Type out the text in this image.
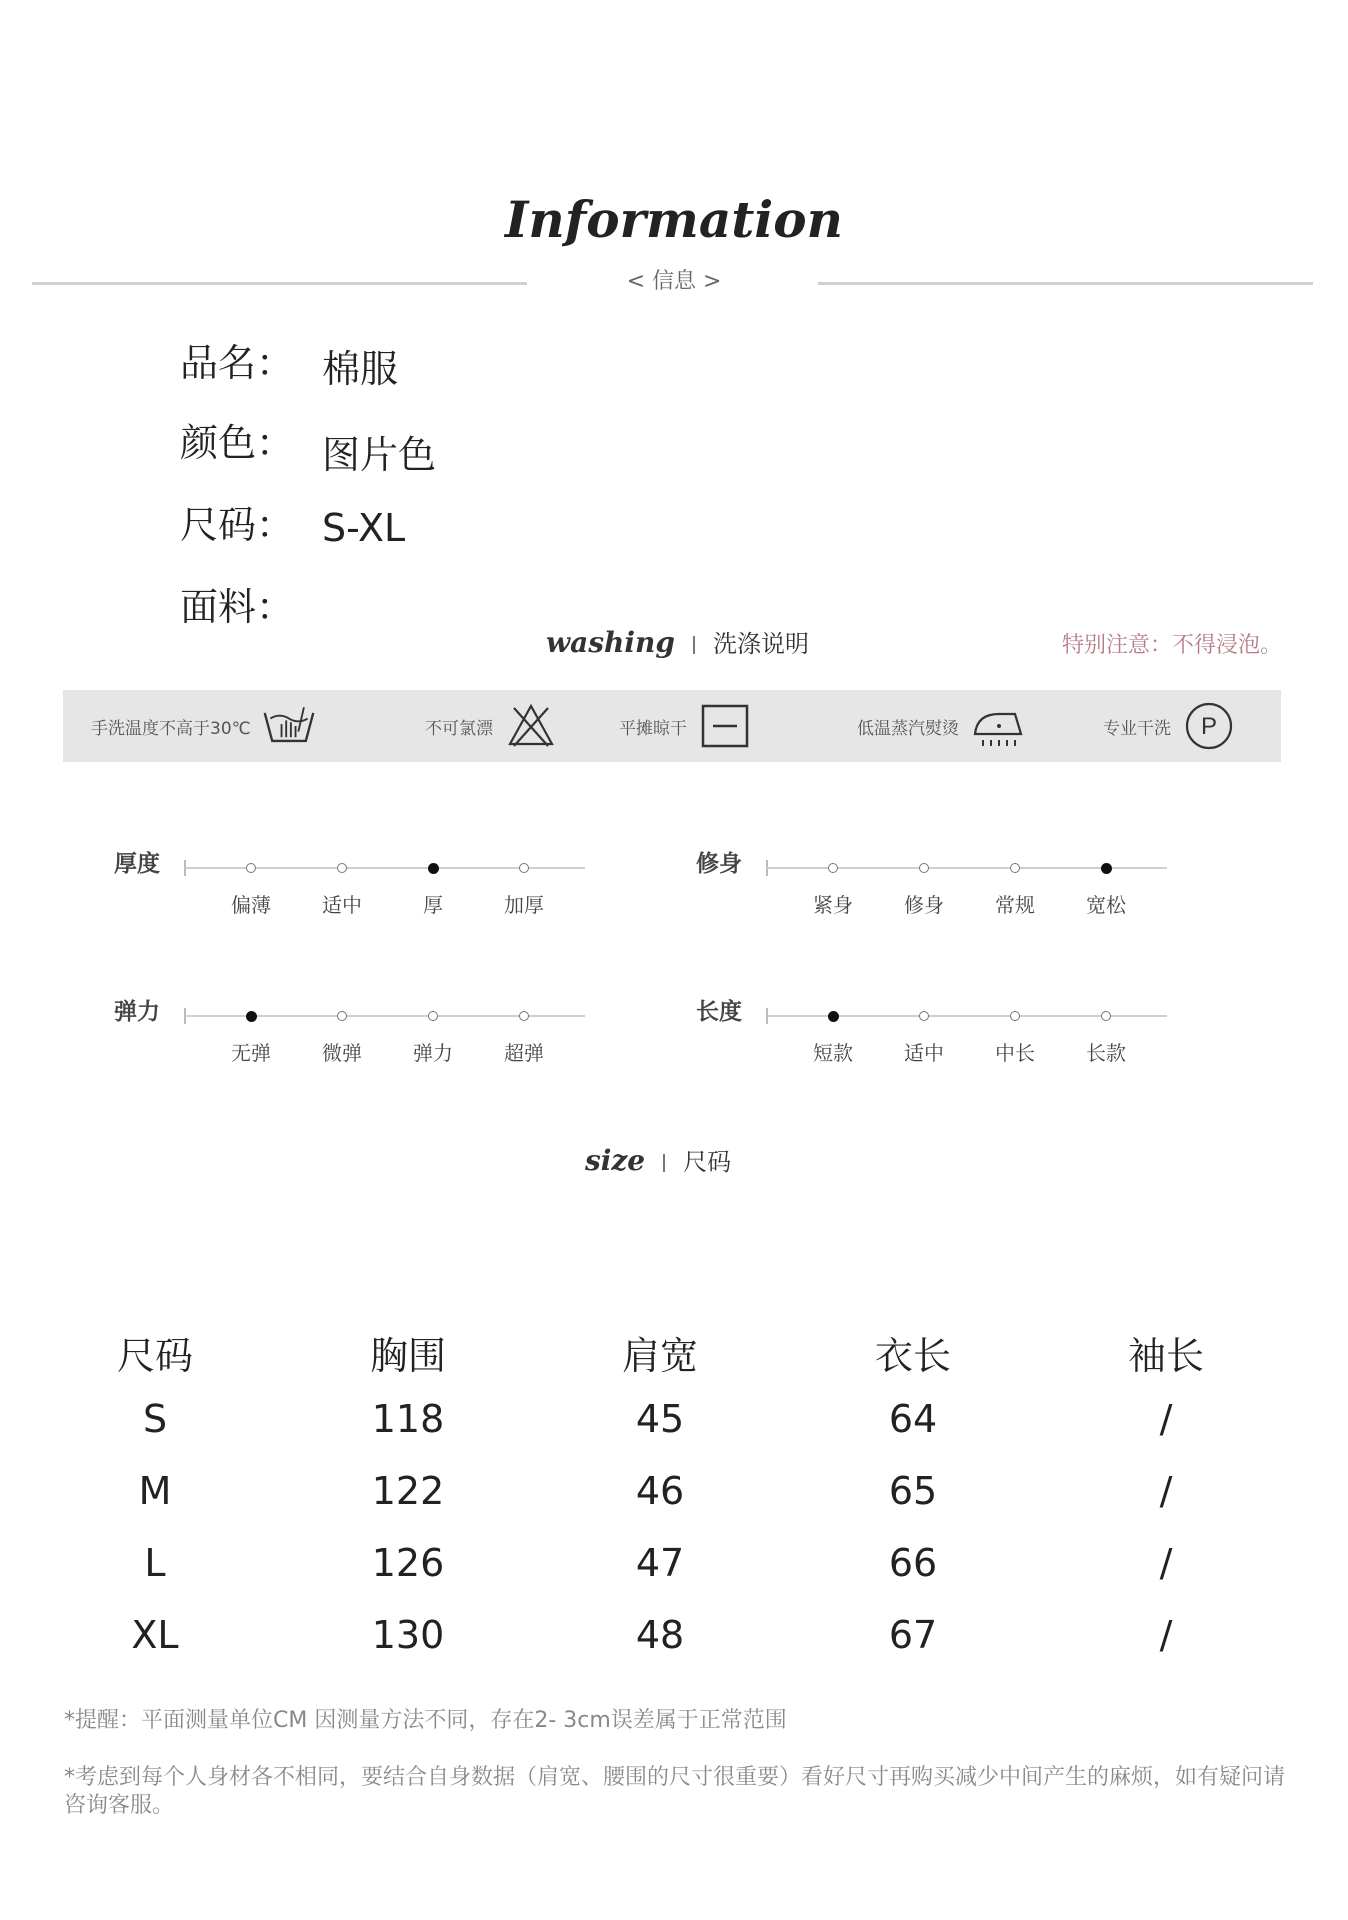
Information
< 信息 >
品名： 棉服
颜色： 图片色
尺码： S-XL
面料：
washing 洗涤说明	特别注意：不得浸泡。
手洗温度不高于30℃	不可氯漂	平摊晾干	低温蒸汽熨烫	专业干洗 P
厚度
偏薄	适中	厚	加厚
修身
紧身	修身	常规	宽松
弹力
无弹	微弹	弹力	超弹
长度
短款	适中	中长	长款
size 尺码
尺码	胸围	肩宽	衣长	袖长
S	118	45	64	/
M	122	46	65	/
L	126	47	66	/
XL	130	48	67	/
*提醒：平面测量单位CM 因测量方法不同，存在2- 3cm误差属于正常范围
*考虑到每个人身材各不相同，要结合自身数据（肩宽、腰围的尺寸很重要）看好尺寸再购买减少中间产生的麻烦，如有疑问请咨询客服。
